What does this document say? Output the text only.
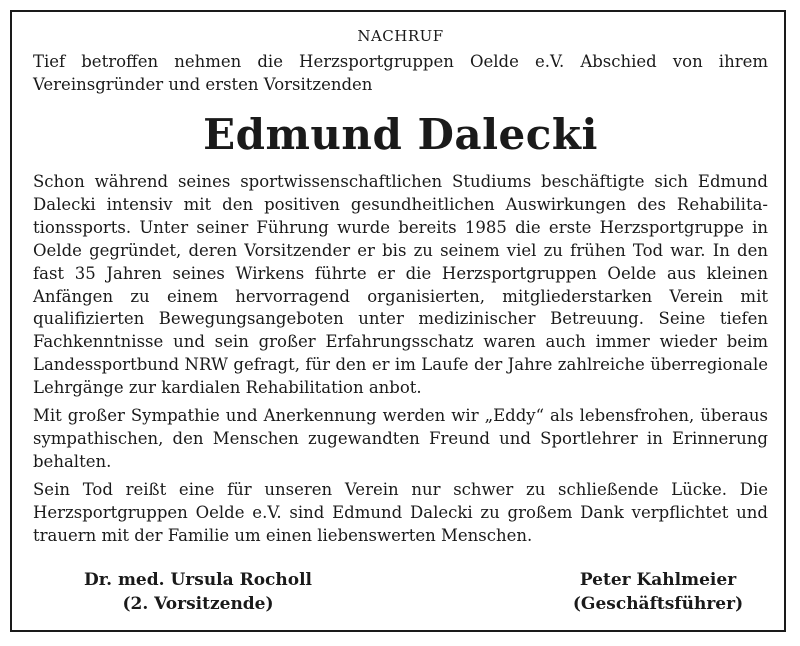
NACHRUF

Tief betroffen nehmen die Herzsportgruppen Oelde e.V. Abschied von ihrem Vereinsgründer und ersten Vorsitzenden

Edmund Dalecki

Schon während seines sportwissenschaftlichen Studiums beschäftigte sich Edmund Dalecki intensiv mit den positiven gesundheitlichen Auswirkungen des Rehabilitationssports. Unter seiner Führung wurde bereits 1985 die erste Herzsportgruppe in Oelde gegründet, deren Vorsitzender er bis zu seinem viel zu frühen Tod war. In den fast 35 Jahren seines Wirkens führte er die Herzsportgruppen Oelde aus kleinen Anfängen zu einem hervorragend organisierten, mitgliederstarken Verein mit qualifizierten Bewegungsangeboten unter medizinischer Betreuung. Seine tiefen Fachkenntnisse und sein großer Erfahrungsschatz waren auch immer wieder beim Landessportbund NRW gefragt, für den er im Laufe der Jahre zahlreiche überregionale Lehrgänge zur kardialen Rehabilitation anbot.

Mit großer Sympathie und Anerkennung werden wir „Eddy“ als lebensfrohen, überaus sympathischen, den Menschen zugewandten Freund und Sportlehrer in Erinnerung behalten.

Sein Tod reißt eine für unseren Verein nur schwer zu schließende Lücke. Die Herzsportgruppen Oelde e.V. sind Edmund Dalecki zu großem Dank verpflichtet und trauern mit der Familie um einen liebenswerten Menschen.

Dr. med. Ursula Rocholl
(2. Vorsitzende)
Peter Kahlmeier
(Geschäftsführer)
